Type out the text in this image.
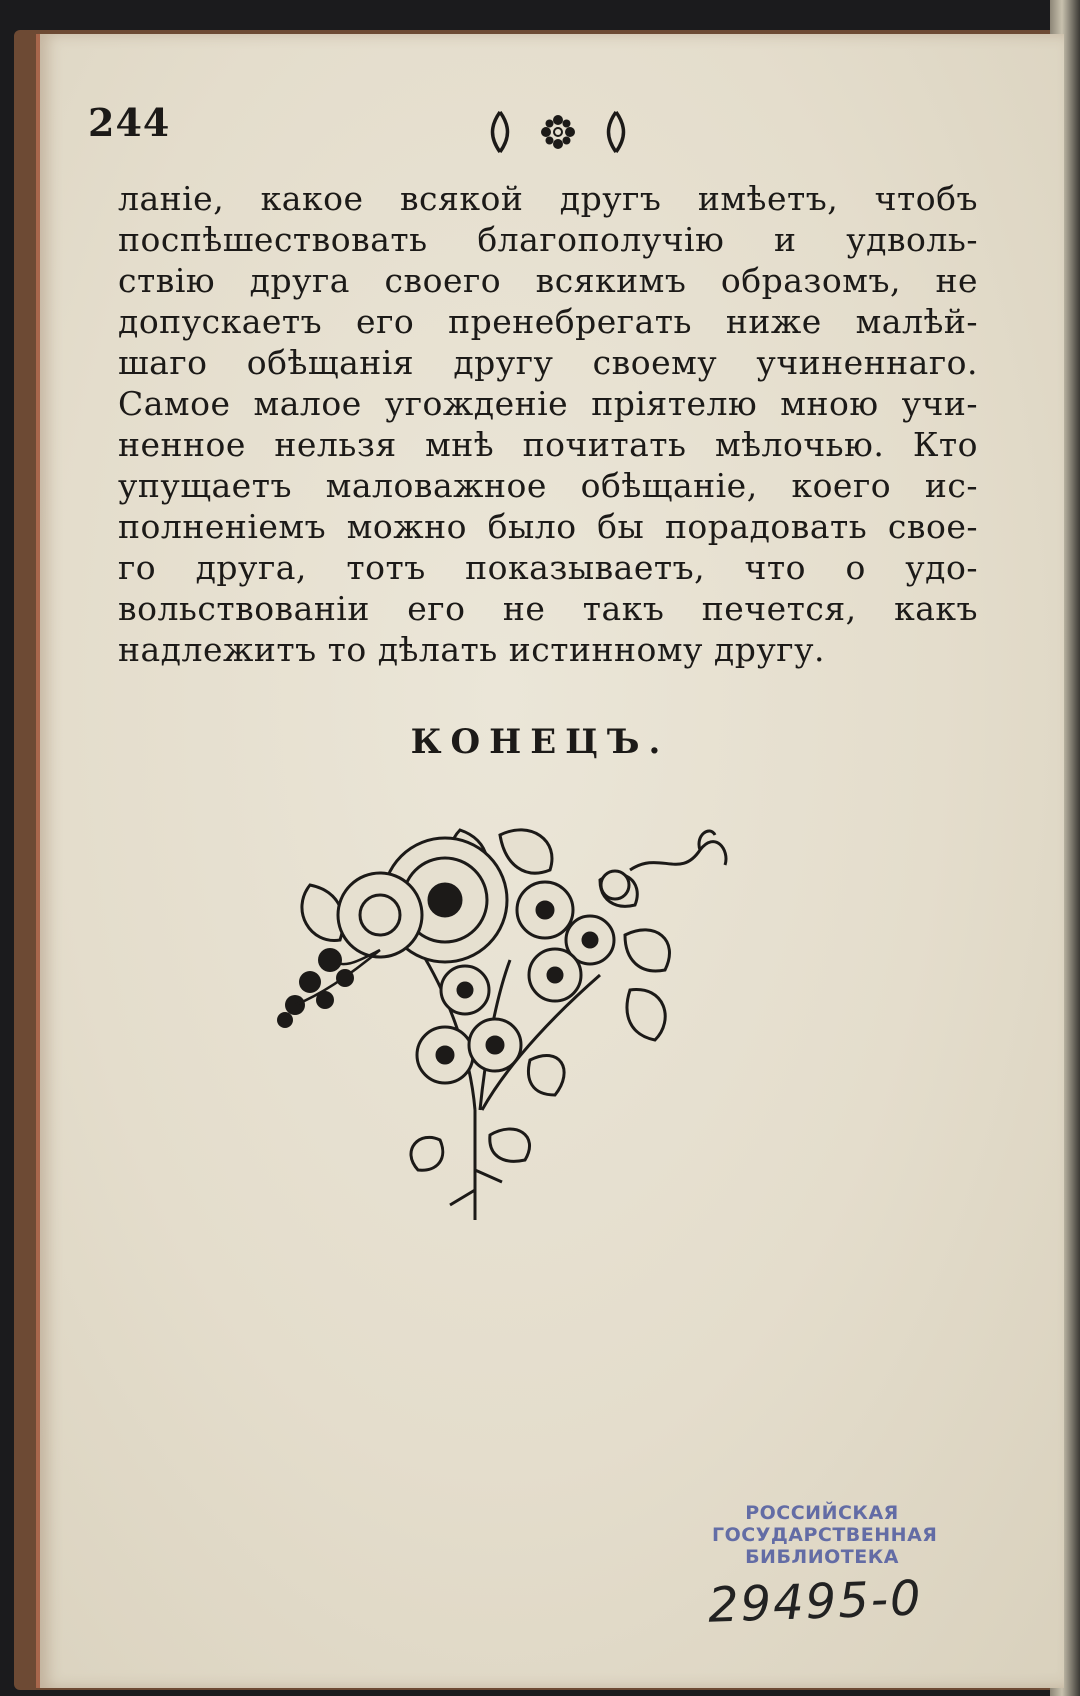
244
ланіе, какое всякой другъ имѣетъ, чтобъ
поспѣшествовать благополучію и удволь-
ствію друга своего всякимъ образомъ, не
допускаетъ его пренебрегать ниже малѣй-
шаго обѣщанія другу своему учиненнаго.
Самое малое угожденіе пріятелю мною учи-
ненное нельзя мнѣ почитать мѣлочью. Кто
упущаетъ маловажное обѣщаніе, коего ис-
полненіемъ можно было бы порадовать свое-
го друга, тотъ показываетъ, что о удо-
вольствованіи его не такъ печется, какъ
надлежитъ то дѣлать истинному другу.
КОНЕЦЪ.
РОССИЙСКАЯ
ГОСУДАРСТВЕННАЯ
БИБЛИОТЕКА
29495-0
